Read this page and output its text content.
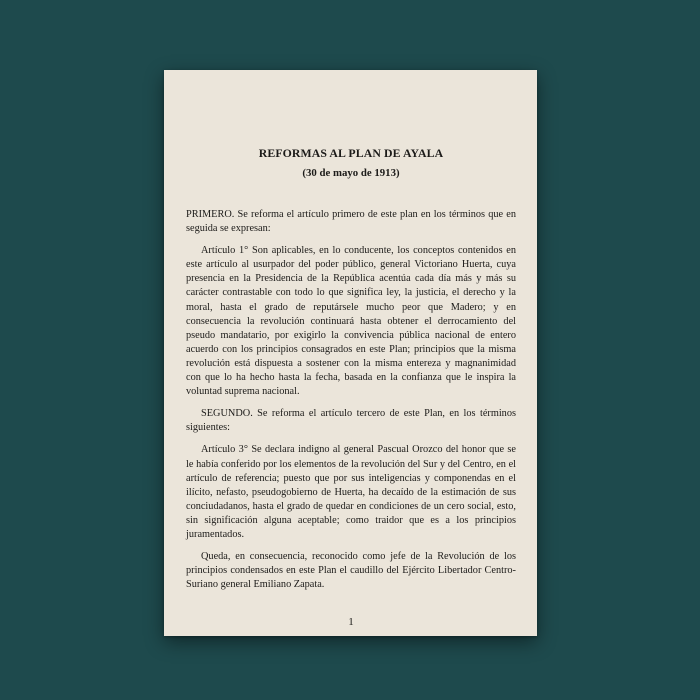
REFORMAS AL PLAN DE AYALA
(30 de mayo de 1913)

PRIMERO. Se reforma el artículo primero de este plan en los términos que en seguida se expresan:

Artículo 1° Son aplicables, en lo conducente, los conceptos contenidos en este artículo al usurpador del poder público, general Victoriano Huerta, cuya presencia en la Presidencia de la República acentúa cada día más y más su carácter contrastable con todo lo que significa ley, la justicia, el derecho y la moral, hasta el grado de reputársele mucho peor que Madero; y en consecuencia la revolución continuará hasta obtener el derrocamiento del pseudo mandatario, por exigirlo la convivencia pública nacional de entero acuerdo con los principios consagrados en este Plan; principios que la misma revolución está dispuesta a sostener con la misma entereza y magnanimidad con que lo ha hecho hasta la fecha, basada en la confianza que le inspira la voluntad suprema nacional.

SEGUNDO. Se reforma el artículo tercero de este Plan, en los términos siguientes:

Artículo 3° Se declara indigno al general Pascual Orozco del honor que se le había conferido por los elementos de la revolución del Sur y del Centro, en el artículo de referencia; puesto que por sus inteligencias y componendas en el ilícito, nefasto, pseudogobierno de Huerta, ha decaído de la estimación de sus conciudadanos, hasta el grado de quedar en condiciones de un cero social, esto, sin significación alguna aceptable; como traidor que es a los principios juramentados.

Queda, en consecuencia, reconocido como jefe de la Revolución de los principios condensados en este Plan el caudillo del Ejército Libertador Centro- Suriano general Emiliano Zapata.

1
